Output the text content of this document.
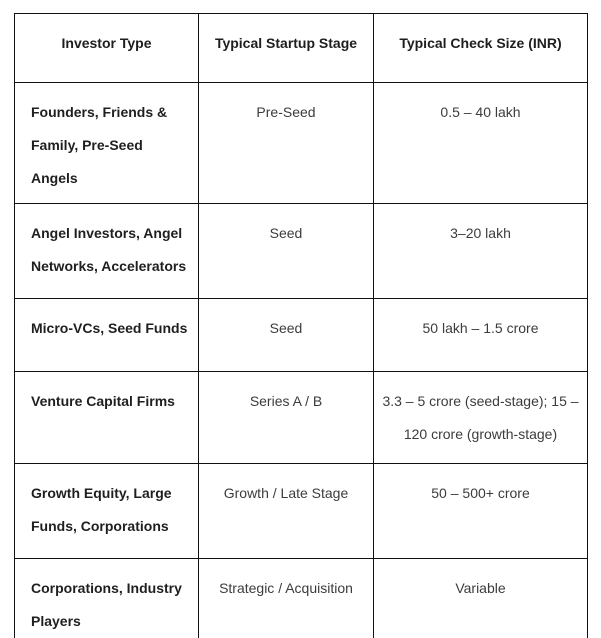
Investor Type	Typical Startup Stage	Typical Check Size (INR)
Founders, Friends & Family, Pre-Seed Angels	Pre-Seed	0.5 – 40 lakh
Angel Investors, Angel Networks, Accelerators	Seed	3–20 lakh
Micro-VCs, Seed Funds	Seed	50 lakh – 1.5 crore
Venture Capital Firms	Series A / B	3.3 – 5 crore (seed-stage); 15 – 120 crore (growth-stage)
Growth Equity, Large Funds, Corporations	Growth / Late Stage	50 – 500+ crore
Corporations, Industry Players	Strategic / Acquisition	Variable
